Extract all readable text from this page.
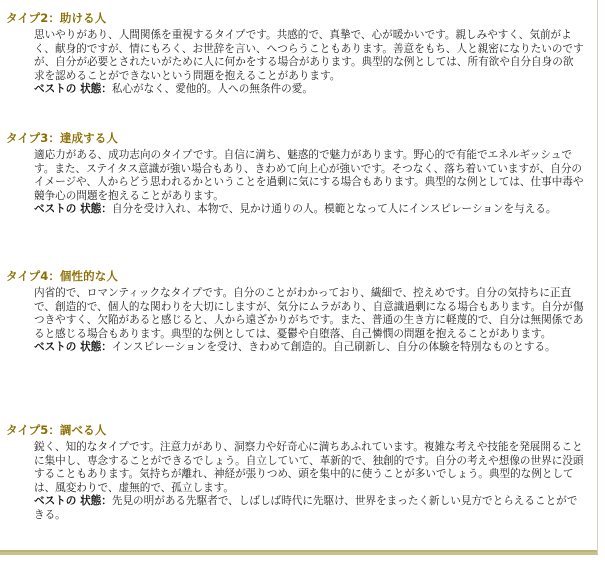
タイプ2：助ける人
思いやりがあり、人間関係を重視するタイプです。共感的で、真摯で、心が暖かいです。親しみやすく、気前がよく、献身的ですが、情にもろく、お世辞を言い、へつらうこともあります。善意をもち、人と親密になりたいのですが、自分が必要とされたいがために人に何かをする場合があります。典型的な例としては、所有欲や自分自身の欲求を認めることができないという問題を抱えることがあります。
ベストの 状態：私心がなく、愛他的。人への無条件の愛。
タイプ3：達成する人
適応力がある、成功志向のタイプです。自信に満ち、魅惑的で魅力があります。野心的で有能でエネルギッシュです。また、ステイタス意識が強い場合もあり、きわめて向上心が強いです。そつなく、落ち着いていますが、自分のイメージや、人からどう思われるかということを過剰に気にする場合もあります。典型的な例としては、仕事中毒や競争心の問題を抱えることがあります。
ベストの 状態：自分を受け入れ、本物で、見かけ通りの人。模範となって人にインスピレーションを与える。
タイプ4：個性的な人
内省的で、ロマンティックなタイプです。自分のことがわかっており、繊細で、控えめです。自分の気持ちに正直で、創造的で、個人的な関わりを大切にしますが、気分にムラがあり、自意識過剰になる場合もあります。自分が傷つきやすく、欠陥があると感じると、人から遠ざかりがちです。また、普通の生き方に軽蔑的で、自分は無関係であると感じる場合もあります。典型的な例としては、憂鬱や自堕落、自己憐憫の問題を抱えることがあります。
ベストの 状態：インスピレーションを受け、きわめて創造的。自己刷新し、自分の体験を特別なものとする。
タイプ5：調べる人
鋭く、知的なタイプです。注意力があり、洞察力や好奇心に満ちあふれています。複雑な考えや技能を発展開ることに集中し、専念することができるでしょう。自立していて、革新的で、独創的です。自分の考えや想像の世界に没頭することもあります。気持ちが離れ、神経が張りつめ、頭を集中的に使うことが多いでしょう。典型的な例としては、風変わりで、虚無的で、孤立します。
ベストの 状態：先見の明がある先駆者で、しばしば時代に先駆け、世界をまったく新しい見方でとらえることができる。
